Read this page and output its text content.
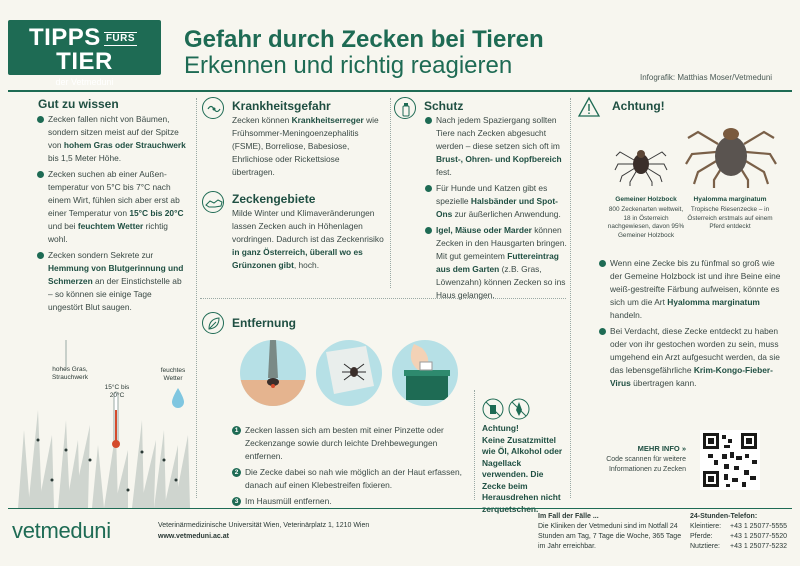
TIPPS FÜRSTIER
der Vetmeduni
Gefahr durch Zecken bei Tieren
Erkennen und richtig reagieren	Infografik: Matthias Moser/Vetmeduni
Gut zu wissen
Zecken fallen nicht von Bäumen, sondern sitzen meist auf der Spitze von hohem Gras oder Strauchwerk bis 1,5 Meter Höhe.
Zecken suchen ab einer Außentemperatur von 5°C bis 7°C nach einem Wirt, fühlen sich aber erst ab einer Temperatur von 15°C bis 20°C und bei feuchtem Wetter richtig wohl.
Zecken sondern Sekrete zur Hemmung von Blutgerinnung und Schmerzen an der Einstichstelle ab – so können sie einige Tage ungestört Blut saugen.
hohes Gras,
Strauchwerk
15°C bis
20°C
feuchtes
Wetter
Krankheitsgefahr
Zecken können Krankheitserreger wie Frühsommer-Meningoenzephalitis (FSME), Borreliose, Babesiose, Ehrlichiose oder Rickettsiose übertragen.
Zeckengebiete
Milde Winter und Klimaveränderungen lassen Zecken auch in Höhenlagen vordringen. Dadurch ist das Zeckenrisiko in ganz Österreich, überall wo es Grünzonen gibt, hoch.
Schutz
Nach jedem Spaziergang sollten Tiere nach Zecken abgesucht werden – diese setzen sich oft im Brust-, Ohren- und Kopfbereich fest.
Für Hunde und Katzen gibt es spezielle Halsbänder und Spot-Ons zur äußerlichen Anwendung.
Igel, Mäuse oder Marder können Zecken in den Hausgarten bringen. Mit gut gemeintem Futtereintrag aus dem Garten (z.B. Gras, Löwenzahn) können Zecken so ins Haus gelangen.
Achtung!
Gemeiner Holzbock
800 Zeckenarten weltweit, 18 in Österreich nachgewiesen, davon 95% Gemeiner Holzbock
Hyalomma marginatum
Tropische Riesenzecke – in Österreich erstmals auf einem Pferd entdeckt
Wenn eine Zecke bis zu fünfmal so groß wie der Gemeine Holzbock ist und ihre Beine eine weiß-gestreifte Färbung aufweisen, könnte es sich um die Art Hyalomma marginatum handeln.
Bei Verdacht, diese Zecke entdeckt zu haben oder von ihr gestochen worden zu sein, muss umgehend ein Arzt aufgesucht werden, da sie das lebensgefährliche Krim-Kongo-Fieber-Virus übertragen kann.
MEHR INFO »
Code scannen für weitere Informationen zu Zecken
Entfernung
1 Zecken lassen sich am besten mit einer Pinzette oder Zeckenzange sowie durch leichte Drehbewegungen entfernen.
2 Die Zecke dabei so nah wie möglich an der Haut erfassen, danach auf einen Klebestreifen fixieren.
3 Im Hausmüll entfernen.
Achtung!
Keine Zusatzmittel wie Öl, Alkohol oder Nagellack verwenden. Die Zecke beim Herausdrehen nicht
vetmeduni	Veterinärmedizinische Universität Wien, Veterinärplatz 1, 1210 Wien
www.vetmeduni.ac.at
Im Fall der Fälle ...
Die Kliniken der Vetmeduni sind im Notfall 24 Stunden am Tag, 7 Tage die Woche, 365 Tage im Jahr erreichbar.
24-Stunden-Telefon:
Kleintiere:	+43 1 25077-5555
Pferde:	+43 1 25077-5520
Nutztiere:	+43 1 25077-5232
